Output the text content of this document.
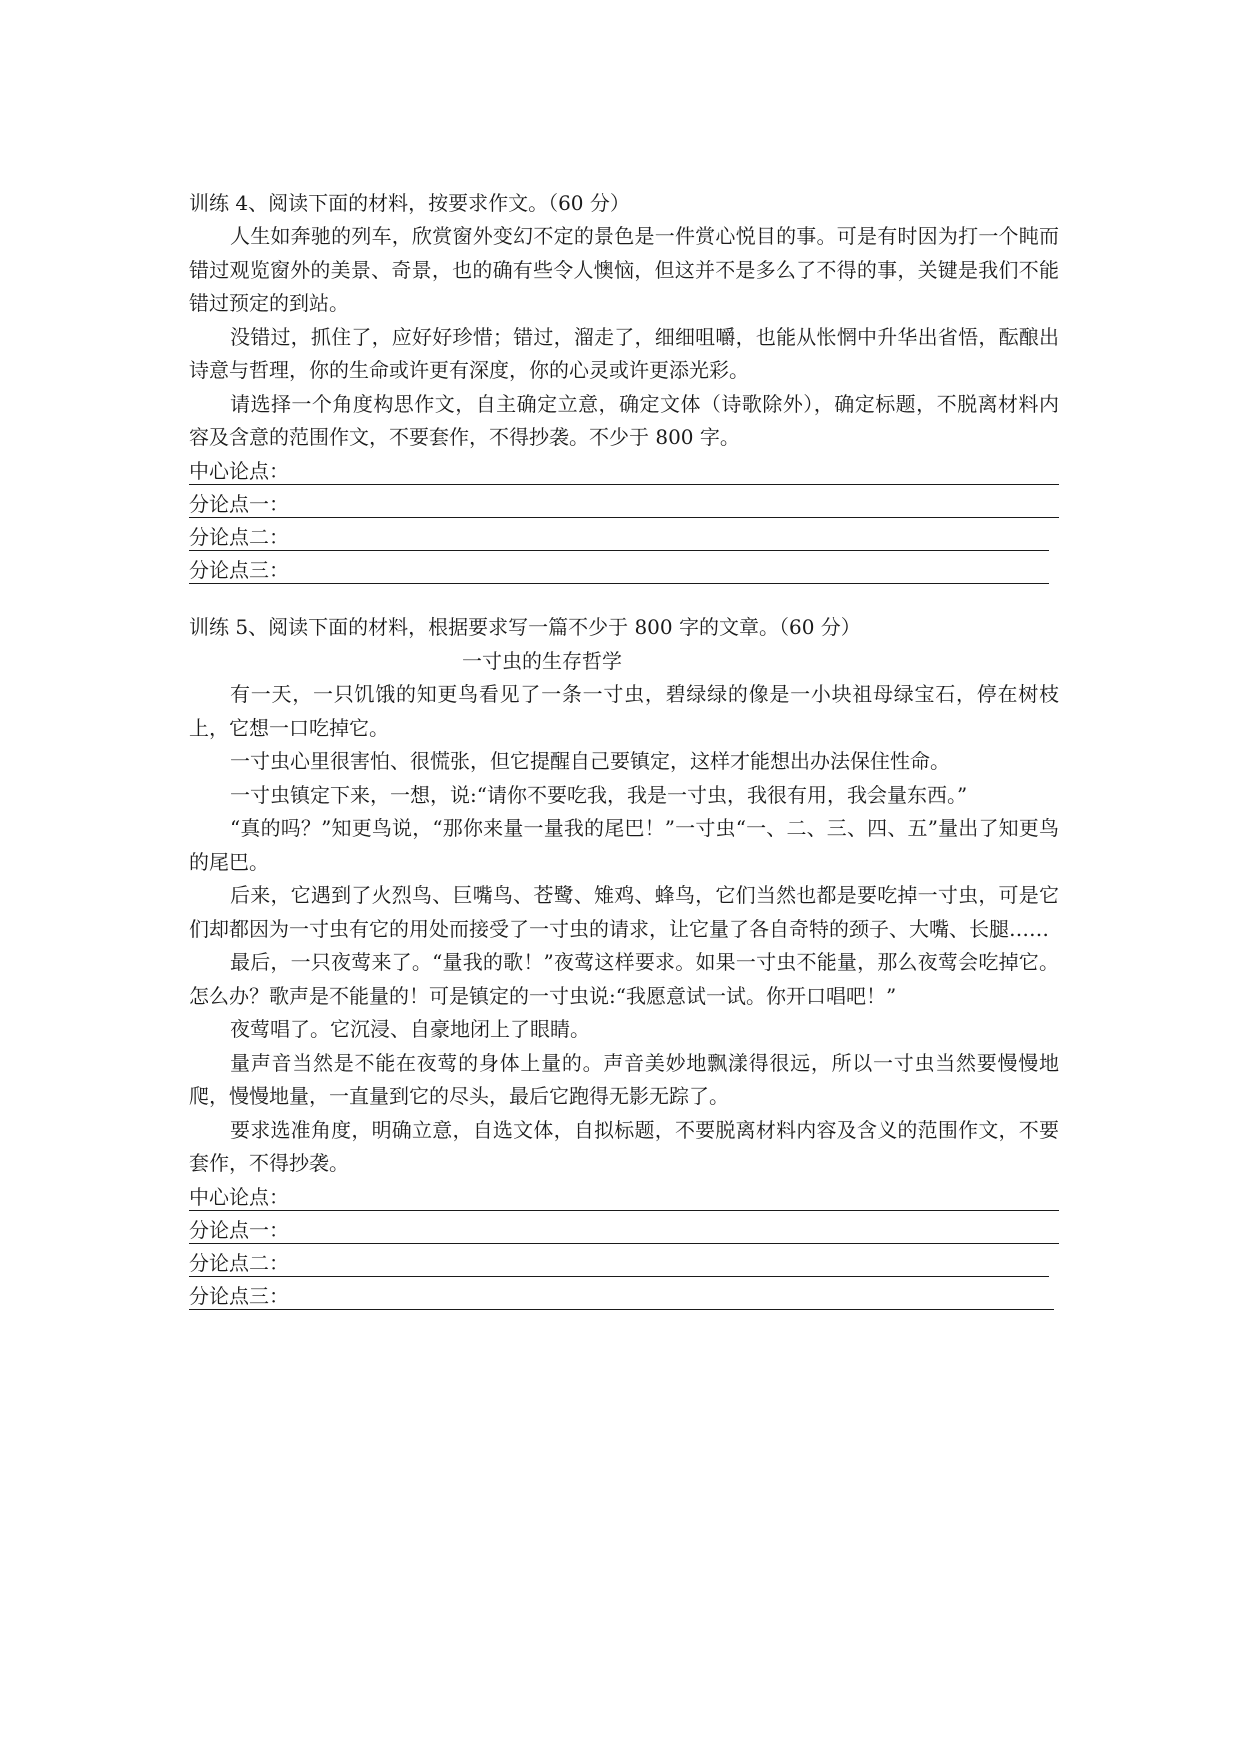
训练 4、阅读下面的材料，按要求作文。（60 分）

人生如奔驰的列车，欣赏窗外变幻不定的景色是一件赏心悦目的事。可是有时因为打一个盹而错过观览窗外的美景、奇景，也的确有些令人懊恼，但这并不是多么了不得的事，关键是我们不能错过预定的到站。

没错过，抓住了，应好好珍惜；错过，溜走了，细细咀嚼，也能从怅惘中升华出省悟，酝酿出诗意与哲理，你的生命或许更有深度，你的心灵或许更添光彩。

请选择一个角度构思作文，自主确定立意，确定文体（诗歌除外），确定标题，不脱离材料内容及含意的范围作文，不要套作，不得抄袭。不少于 800 字。

中心论点：
分论点一：
分论点二：
分论点三：

训练 5、阅读下面的材料，根据要求写一篇不少于 800 字的文章。（60 分）

一寸虫的生存哲学

有一天，一只饥饿的知更鸟看见了一条一寸虫，碧绿绿的像是一小块祖母绿宝石，停在树枝上，它想一口吃掉它。

一寸虫心里很害怕、很慌张，但它提醒自己要镇定，这样才能想出办法保住性命。

一寸虫镇定下来，一想，说:“请你不要吃我，我是一寸虫，我很有用，我会量东西。”

“真的吗？”知更鸟说，“那你来量一量我的尾巴！”一寸虫“一、二、三、四、五”量出了知更鸟的尾巴。

后来，它遇到了火烈鸟、巨嘴鸟、苍鹭、雉鸡、蜂鸟，它们当然也都是要吃掉一寸虫，可是它们却都因为一寸虫有它的用处而接受了一寸虫的请求，让它量了各自奇特的颈子、大嘴、长腿……

最后，一只夜莺来了。“量我的歌！”夜莺这样要求。如果一寸虫不能量，那么夜莺会吃掉它。怎么办？歌声是不能量的！可是镇定的一寸虫说:“我愿意试一试。你开口唱吧！”

夜莺唱了。它沉浸、自豪地闭上了眼睛。

量声音当然是不能在夜莺的身体上量的。声音美妙地飘漾得很远，所以一寸虫当然要慢慢地爬，慢慢地量，一直量到它的尽头，最后它跑得无影无踪了。

要求选准角度，明确立意，自选文体，自拟标题，不要脱离材料内容及含义的范围作文，不要套作，不得抄袭。

中心论点：
分论点一：
分论点二：
分论点三：
